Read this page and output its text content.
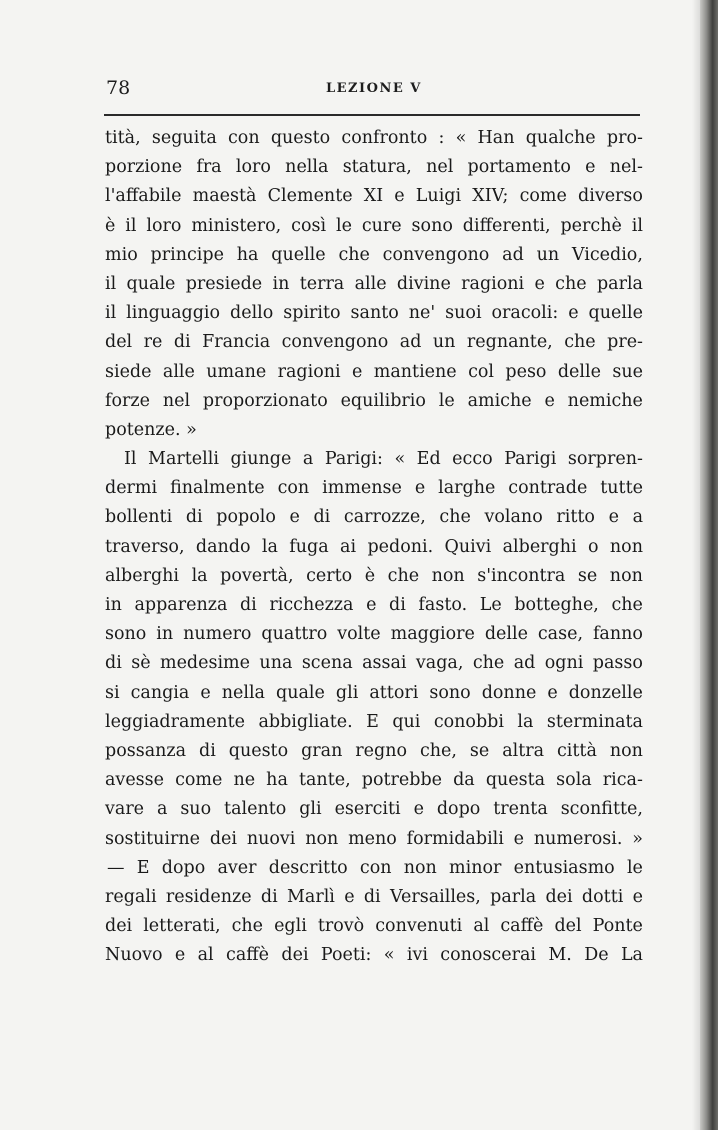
78	LEZIONE V
tità, seguita con questo confronto : « Han qualche pro-
porzione fra loro nella statura, nel portamento e nel-
l'affabile maestà Clemente XI e Luigi XIV; come diverso
è il loro ministero, così le cure sono differenti, perchè il
mio principe ha quelle che convengono ad un Vicedio,
il quale presiede in terra alle divine ragioni e che parla
il linguaggio dello spirito santo ne' suoi oracoli: e quelle
del re di Francia convengono ad un regnante, che pre-
siede alle umane ragioni e mantiene col peso delle sue
forze nel proporzionato equilibrio le amiche e nemiche
potenze. »
Il Martelli giunge a Parigi: « Ed ecco Parigi sorpren-
dermi finalmente con immense e larghe contrade tutte
bollenti di popolo e di carrozze, che volano ritto e a
traverso, dando la fuga ai pedoni. Quivi alberghi o non
alberghi la povertà, certo è che non s'incontra se non
in apparenza di ricchezza e di fasto. Le botteghe, che
sono in numero quattro volte maggiore delle case, fanno
di sè medesime una scena assai vaga, che ad ogni passo
si cangia e nella quale gli attori sono donne e donzelle
leggiadramente abbigliate. E qui conobbi la sterminata
possanza di questo gran regno che, se altra città non
avesse come ne ha tante, potrebbe da questa sola rica-
vare a suo talento gli eserciti e dopo trenta sconfitte,
sostituirne dei nuovi non meno formidabili e numerosi. »
— E dopo aver descritto con non minor entusiasmo le
regali residenze di Marlì e di Versailles, parla dei dotti e
dei letterati, che egli trovò convenuti al caffè del Ponte
Nuovo e al caffè dei Poeti: « ivi conoscerai M. De La
